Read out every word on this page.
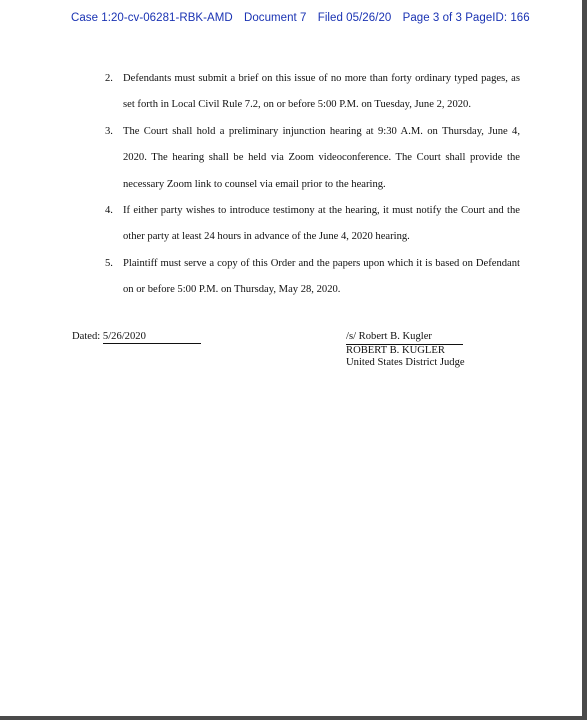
Case 1:20-cv-06281-RBK-AMD Document 7 Filed 05/26/20 Page 3 of 3 PageID: 166
2. Defendants must submit a brief on this issue of no more than forty ordinary typed pages, as set forth in Local Civil Rule 7.2, on or before 5:00 P.M. on Tuesday, June 2, 2020.
3. The Court shall hold a preliminary injunction hearing at 9:30 A.M. on Thursday, June 4, 2020. The hearing shall be held via Zoom videoconference. The Court shall provide the necessary Zoom link to counsel via email prior to the hearing.
4. If either party wishes to introduce testimony at the hearing, it must notify the Court and the other party at least 24 hours in advance of the June 4, 2020 hearing.
5. Plaintiff must serve a copy of this Order and the papers upon which it is based on Defendant on or before 5:00 P.M. on Thursday, May 28, 2020.
Dated: 5/26/2020	/s/ Robert B. Kugler
ROBERT B. KUGLER
United States District Judge
